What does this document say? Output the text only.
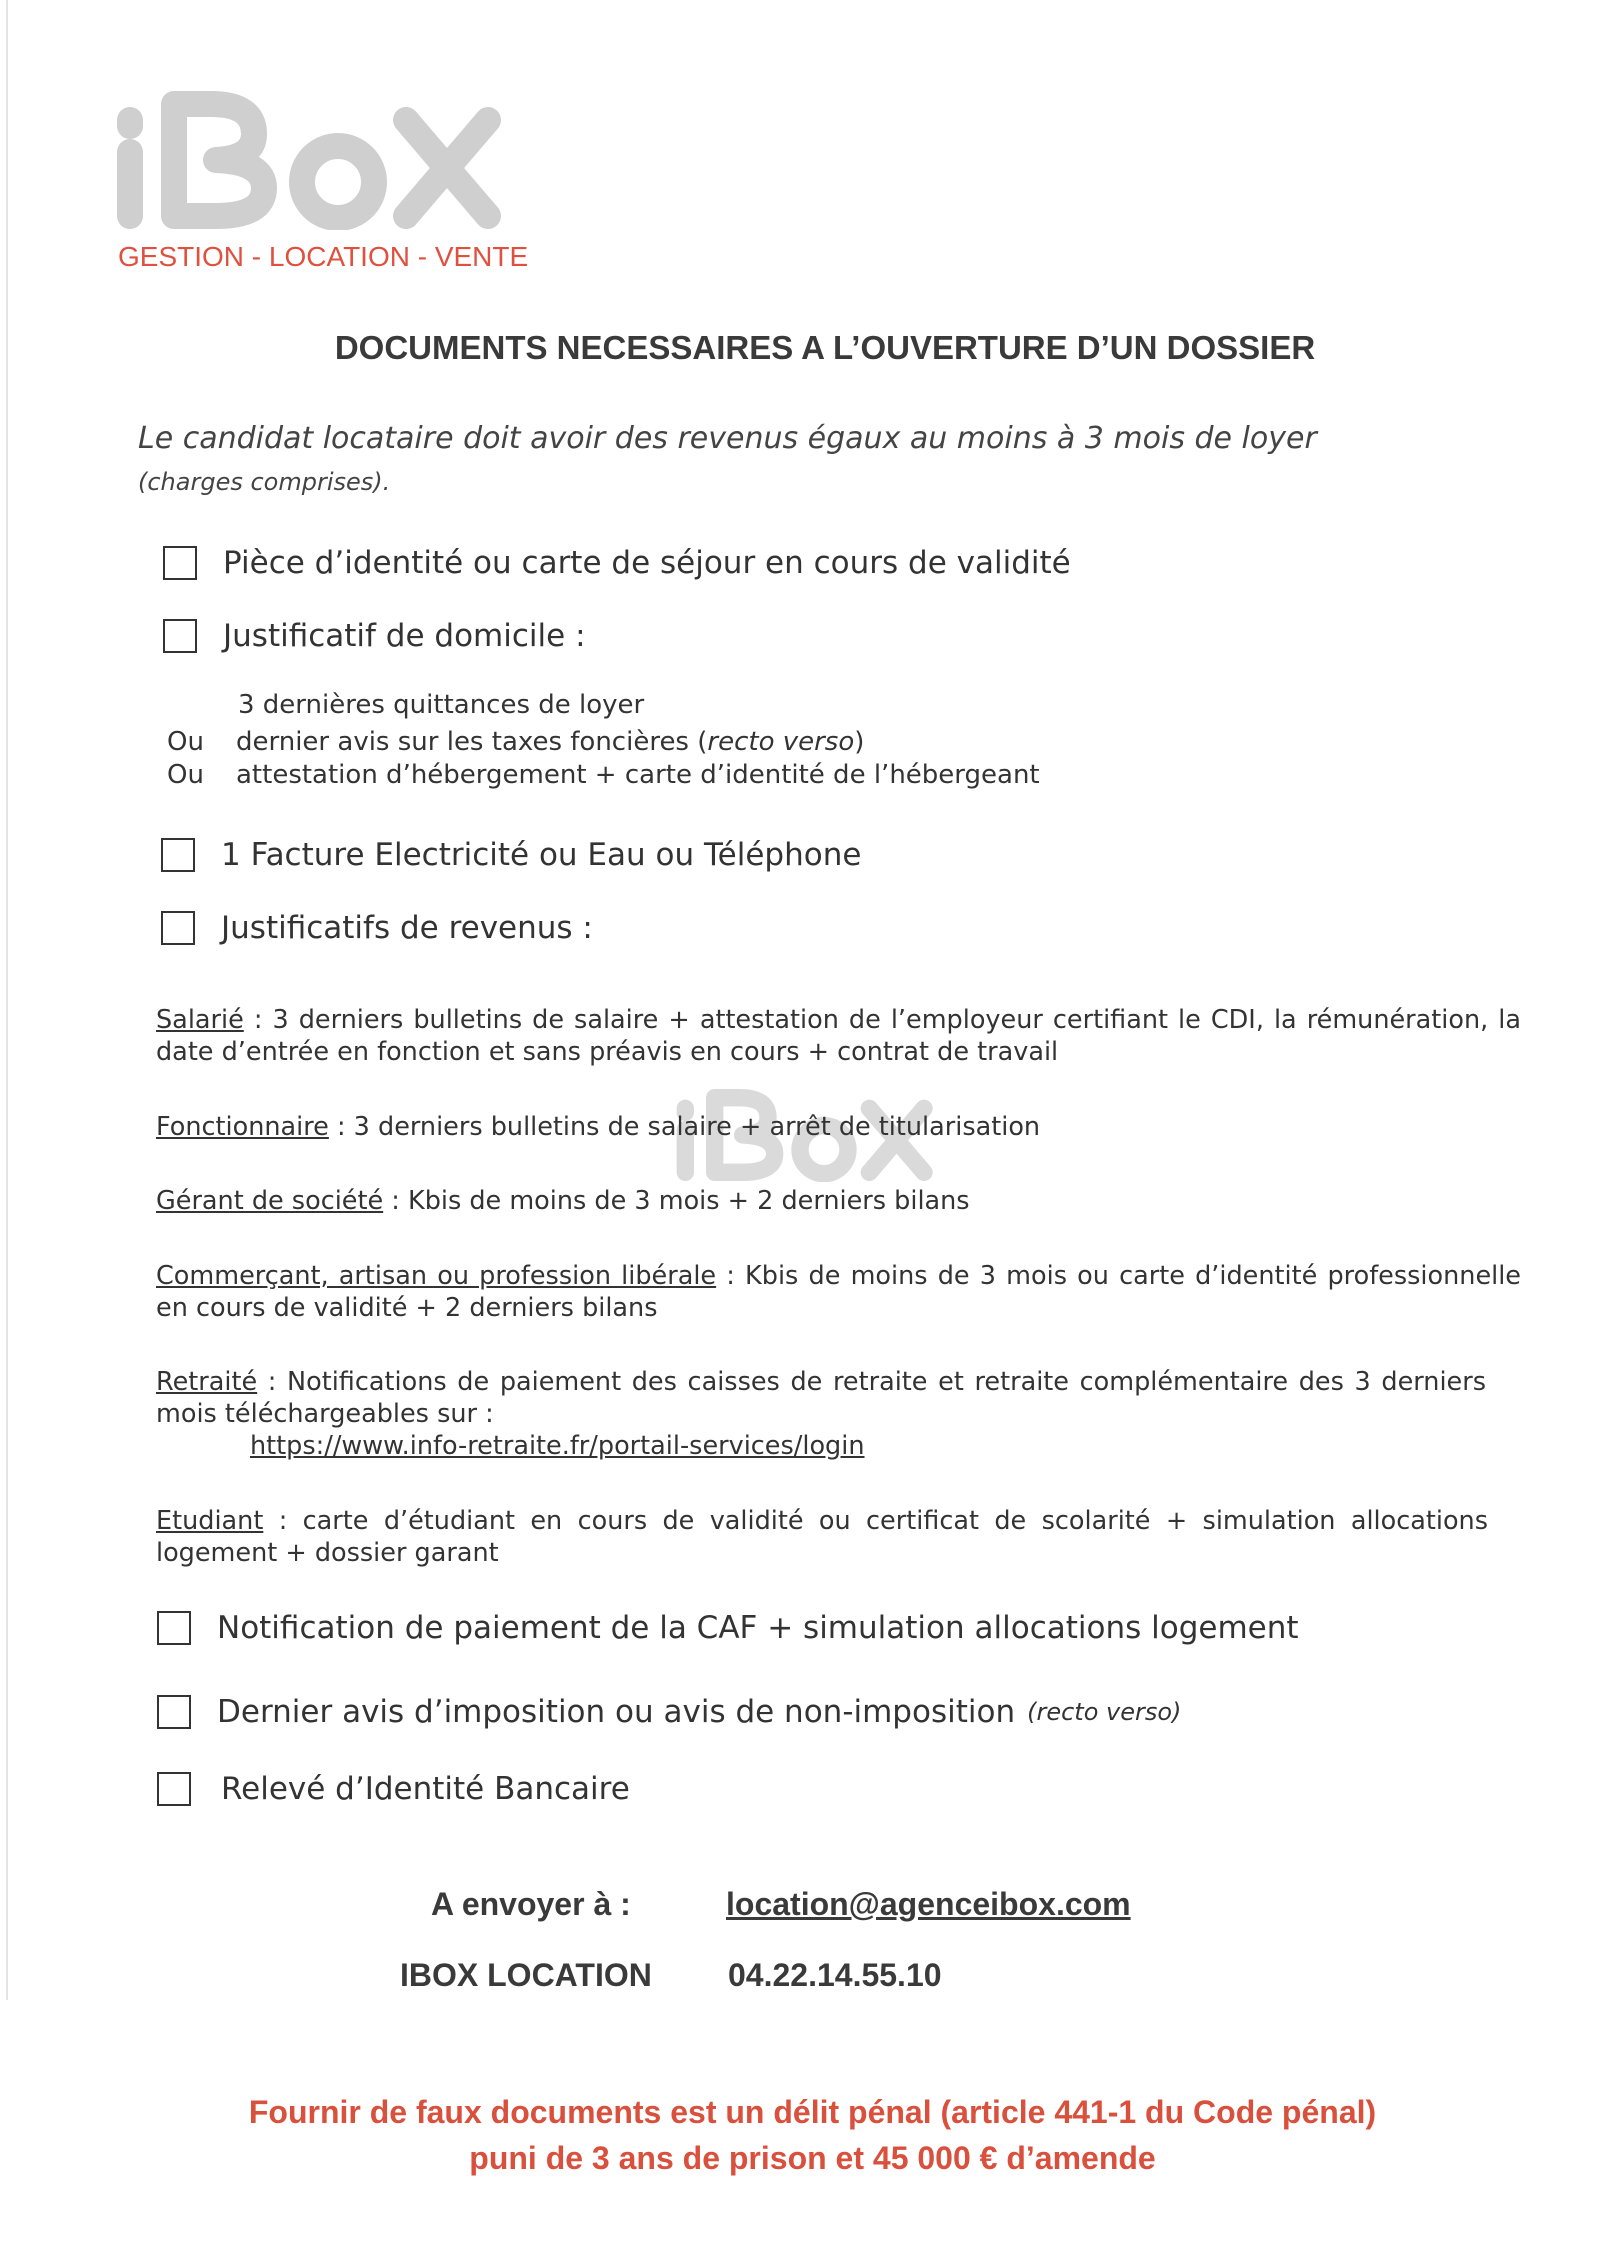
GESTION - LOCATION - VENTE
DOCUMENTS NECESSAIRES A L’OUVERTURE D’UN DOSSIER
Le candidat locataire doit avoir des revenus égaux au moins à 3 mois de loyer
(charges comprises).
Pièce d’identité ou carte de séjour en cours de validité
Justificatif de domicile :
3 dernières quittances de loyer
Ou dernier avis sur les taxes foncières (recto verso)
Ou attestation d’hébergement + carte d’identité de l’hébergeant
1 Facture Electricité ou Eau ou Téléphone
Justificatifs de revenus :
Salarié : 3 derniers bulletins de salaire + attestation de l’employeur certifiant le CDI, la rémunération, la date d’entrée en fonction et sans préavis en cours + contrat de travail
Fonctionnaire : 3 derniers bulletins de salaire + arrêt de titularisation
Gérant de société : Kbis de moins de 3 mois + 2 derniers bilans
Commerçant, artisan ou profession libérale : Kbis de moins de 3 mois ou carte d’identité professionnelle en cours de validité + 2 derniers bilans
Retraité : Notifications de paiement des caisses de retraite et retraite complémentaire des 3 derniers mois téléchargeables sur :
https://www.info-retraite.fr/portail-services/login
Etudiant : carte d’étudiant en cours de validité ou certificat de scolarité + simulation allocations logement + dossier garant
Notification de paiement de la CAF + simulation allocations logement
Dernier avis d’imposition ou avis de non-imposition (recto verso)
Relevé d’Identité Bancaire
A envoyer à :	location@agenceibox.com
IBOX LOCATION 04.22.14.55.10
Fournir de faux documents est un délit pénal (article 441-1 du Code pénal)
puni de 3 ans de prison et 45 000 € d’amende
